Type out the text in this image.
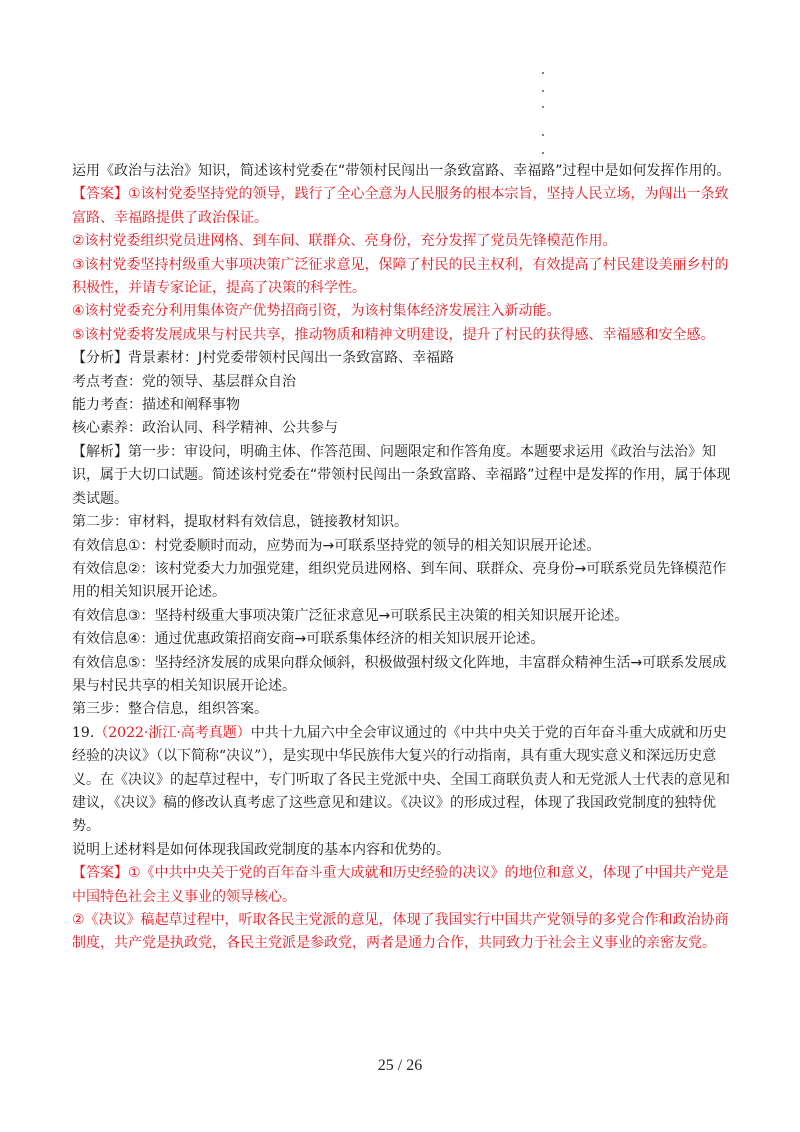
运用《政治与法治》知识，简述该村党委在“带领村民闯出一条致富路、幸福路”过程中是如何发挥作用的。

【答案】①该村党委坚持党的领导，践行了全心全意为人民服务的根本宗旨，坚持人民立场，为闯出一条致富路、幸福路提供了政治保证。

②该村党委组织党员进网格、到车间、联群众、亮身份，充分发挥了党员先锋模范作用。

③该村党委坚持村级重大事项决策广泛征求意见，保障了村民的民主权利，有效提高了村民建设美丽乡村的积极性，并请专家论证，提高了决策的科学性。

④该村党委充分利用集体资产优势招商引资，为该村集体经济发展注入新动能。

⑤该村党委将发展成果与村民共享，推动物质和精神文明建设，提升了村民的获得感、幸福感和安全感。

【分析】背景素材：J村党委带领村民闯出一条致富路、幸福路

考点考查：党的领导、基层群众自治

能力考查：描述和阐释事物

核心素养：政治认同、科学精神、公共参与

【解析】第一步：审设问，明确主体、作答范围、问题限定和作答角度。本题要求运用《政治与法治》知识，属于大切口试题。简述该村党委在“带领村民闯出一条致富路、幸福路”过程中是发挥的作用，属于体现类试题。

第二步：审材料，提取材料有效信息，链接教材知识。

有效信息①：村党委顺时而动，应势而为→可联系坚持党的领导的相关知识展开论述。

有效信息②：该村党委大力加强党建，组织党员进网格、到车间、联群众、亮身份→可联系党员先锋模范作用的相关知识展开论述。

有效信息③：坚持村级重大事项决策广泛征求意见→可联系民主决策的相关知识展开论述。

有效信息④：通过优惠政策招商安商→可联系集体经济的相关知识展开论述。

有效信息⑤：坚持经济发展的成果向群众倾斜，积极做强村级文化阵地，丰富群众精神生活→可联系发展成果与村民共享的相关知识展开论述。

第三步：整合信息，组织答案。

19.（2022·浙江·高考真题）中共十九届六中全会审议通过的《中共中央关于党的百年奋斗重大成就和历史经验的决议》（以下简称“决议”），是实现中华民族伟大复兴的行动指南，具有重大现实意义和深远历史意义。在《决议》的起草过程中，专门听取了各民主党派中央、全国工商联负责人和无党派人士代表的意见和建议，《决议》稿的修改认真考虑了这些意见和建议。《决议》的形成过程，体现了我国政党制度的独特优势。

说明上述材料是如何体现我国政党制度的基本内容和优势的。

【答案】①《中共中央关于党的百年奋斗重大成就和历史经验的决议》的地位和意义，体现了中国共产党是中国特色社会主义事业的领导核心。

②《决议》稿起草过程中，听取各民主党派的意见，体现了我国实行中国共产党领导的多党合作和政治协商制度，共产党是执政党，各民主党派是参政党，两者是通力合作，共同致力于社会主义事业的亲密友党。

25 / 26
